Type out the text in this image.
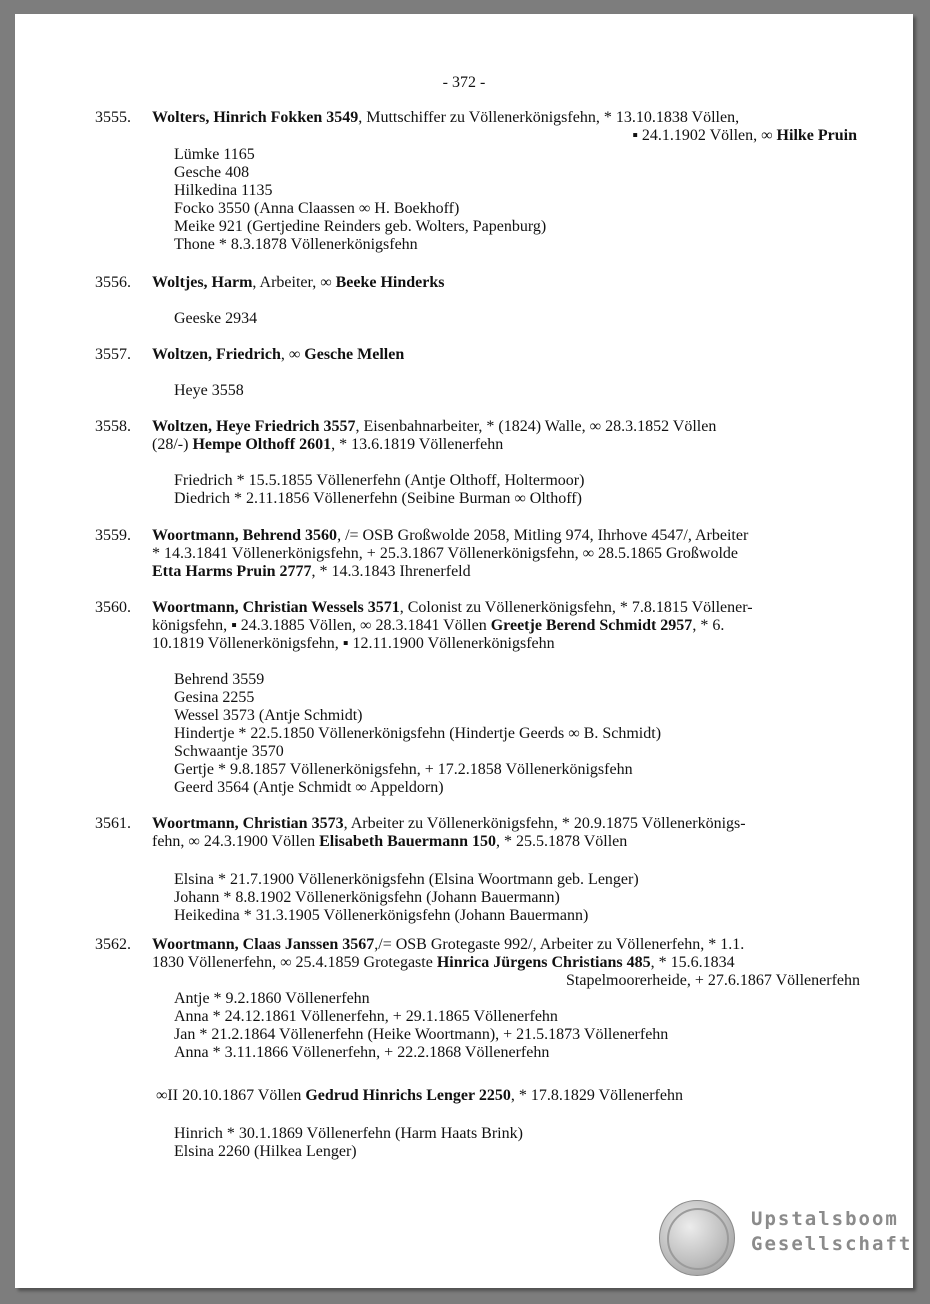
- 372 -
3555. Wolters, Hinrich Fokken 3549, Muttschiffer zu Völlenerkönigsfehn, * 13.10.1838 Völlen,
▪ 24.1.1902 Völlen, ∞ Hilke Pruin
Lümke 1165
Gesche 408
Hilkedina 1135
Focko 3550 (Anna Claassen ∞ H. Boekhoff)
Meike 921 (Gertjedine Reinders geb. Wolters, Papenburg)
Thone * 8.3.1878 Völlenerkönigsfehn
3556. Woltjes, Harm, Arbeiter, ∞ Beeke Hinderks
Geeske 2934
3557. Woltzen, Friedrich, ∞ Gesche Mellen
Heye 3558
3558. Woltzen, Heye Friedrich 3557, Eisenbahnarbeiter, * (1824) Walle, ∞ 28.3.1852 Völlen
(28/-) Hempe Olthoff 2601, * 13.6.1819 Völlenerfehn
Friedrich * 15.5.1855 Völlenerfehn (Antje Olthoff, Holtermoor)
Diedrich * 2.11.1856 Völlenerfehn (Seibine Burman ∞ Olthoff)
3559. Woortmann, Behrend 3560, /= OSB Großwolde 2058, Mitling 974, Ihrhove 4547/, Arbeiter
* 14.3.1841 Völlenerkönigsfehn, + 25.3.1867 Völlenerkönigsfehn, ∞ 28.5.1865 Großwolde
Etta Harms Pruin 2777, * 14.3.1843 Ihrenerfeld
3560. Woortmann, Christian Wessels 3571, Colonist zu Völlenerkönigsfehn, * 7.8.1815 Völlener-
königsfehn, ▪ 24.3.1885 Völlen, ∞ 28.3.1841 Völlen Greetje Berend Schmidt 2957, * 6.
10.1819 Völlenerkönigsfehn, ▪ 12.11.1900 Völlenerkönigsfehn
Behrend 3559
Gesina 2255
Wessel 3573 (Antje Schmidt)
Hindertje * 22.5.1850 Völlenerkönigsfehn (Hindertje Geerds ∞ B. Schmidt)
Schwaantje 3570
Gertje * 9.8.1857 Völlenerkönigsfehn, + 17.2.1858 Völlenerkönigsfehn
Geerd 3564 (Antje Schmidt ∞ Appeldorn)
3561. Woortmann, Christian 3573, Arbeiter zu Völlenerkönigsfehn, * 20.9.1875 Völlenerkönigs-
fehn, ∞ 24.3.1900 Völlen Elisabeth Bauermann 150, * 25.5.1878 Völlen
Elsina * 21.7.1900 Völlenerkönigsfehn (Elsina Woortmann geb. Lenger)
Johann * 8.8.1902 Völlenerkönigsfehn (Johann Bauermann)
Heikedina * 31.3.1905 Völlenerkönigsfehn (Johann Bauermann)
3562. Woortmann, Claas Janssen 3567,/= OSB Grotegaste 992/, Arbeiter zu Völlenerfehn, * 1.1.
1830 Völlenerfehn, ∞ 25.4.1859 Grotegaste Hinrica Jürgens Christians 485, * 15.6.1834
Stapelmoorerheide, + 27.6.1867 Völlenerfehn
Antje * 9.2.1860 Völlenerfehn
Anna * 24.12.1861 Völlenerfehn, + 29.1.1865 Völlenerfehn
Jan * 21.2.1864 Völlenerfehn (Heike Woortmann), + 21.5.1873 Völlenerfehn
Anna * 3.11.1866 Völlenerfehn, + 22.2.1868 Völlenerfehn
∞II 20.10.1867 Völlen Gedrud Hinrichs Lenger 2250, * 17.8.1829 Völlenerfehn
Hinrich * 30.1.1869 Völlenerfehn (Harm Haats Brink)
Elsina 2260 (Hilkea Lenger)
Upstalsboom
Gesellschaft
